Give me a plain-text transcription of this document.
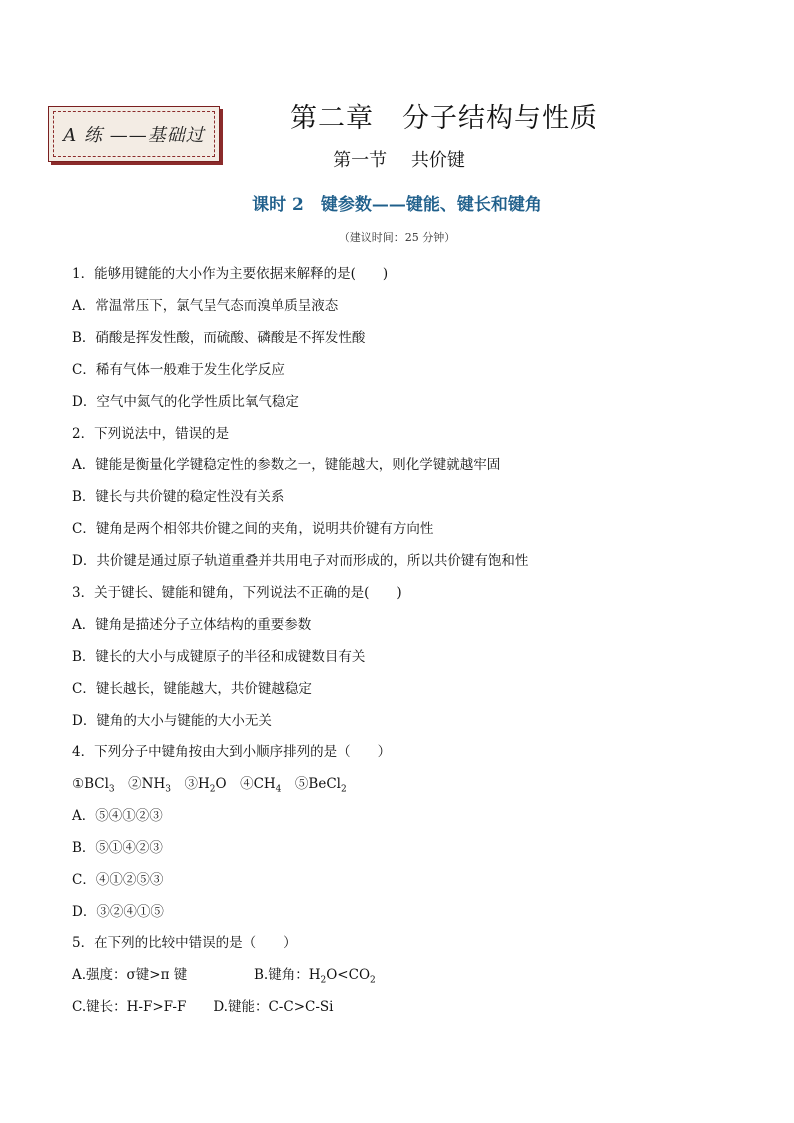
A 练 ——基础过
第二章　分子结构与性质
第一节　 共价键
课时 2　键参数——键能、键长和键角
（建议时间：25 分钟）
1．能够用键能的大小作为主要依据来解释的是(　　)
A．常温常压下，氯气呈气态而溴单质呈液态
B．硝酸是挥发性酸，而硫酸、磷酸是不挥发性酸
C．稀有气体一般难于发生化学反应
D．空气中氮气的化学性质比氧气稳定
2．下列说法中，错误的是
A．键能是衡量化学键稳定性的参数之一，键能越大，则化学键就越牢固
B．键长与共价键的稳定性没有关系
C．键角是两个相邻共价键之间的夹角，说明共价键有方向性
D．共价键是通过原子轨道重叠并共用电子对而形成的，所以共价键有饱和性
3．关于键长、键能和键角，下列说法不正确的是(　　)
A．键角是描述分子立体结构的重要参数
B．键长的大小与成键原子的半径和成键数目有关
C．键长越长，键能越大，共价键越稳定
D．键角的大小与键能的大小无关
4．下列分子中键角按由大到小顺序排列的是（　　）
①BCl$_3$　$②NH_3$　$③H_2O$　$④CH_4$　⑤BeCl$_2$
A．⑤④①②③
B．⑤①④②③
C．④①②⑤③
D．③②④①⑤
5．在下列的比较中错误的是（　　）
A.强度：σ键>π 键	B.键角：$H_2O<CO_2$
C.键长：H-F>F-F　　D.键能：C-C>C-Si
